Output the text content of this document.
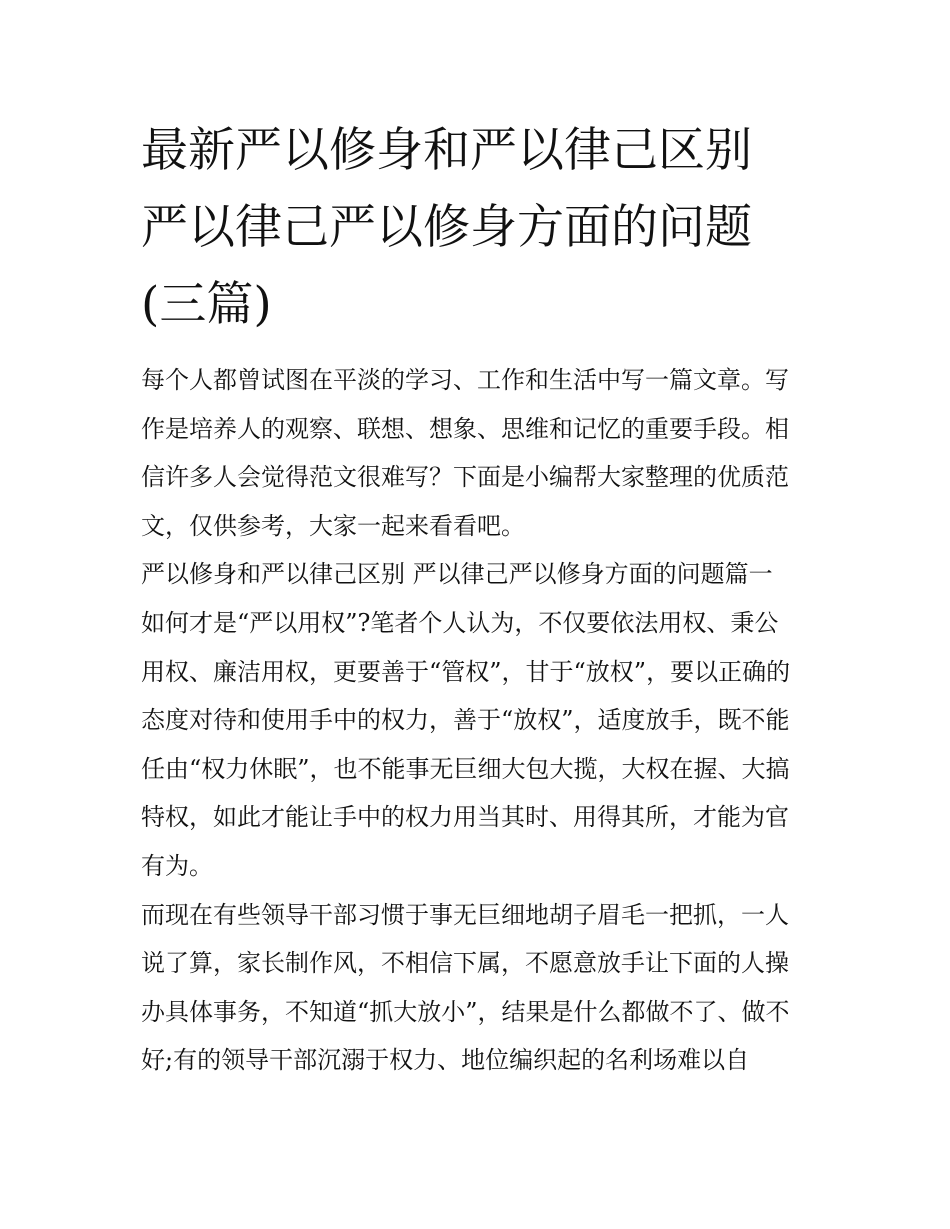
最新严以修身和严以律己区别
严以律己严以修身方面的问题
(三篇)
每个人都曾试图在平淡的学习、工作和生活中写一篇文章。写
作是培养人的观察、联想、想象、思维和记忆的重要手段。相
信许多人会觉得范文很难写？下面是小编帮大家整理的优质范
文，仅供参考，大家一起来看看吧。
严以修身和严以律己区别 严以律己严以修身方面的问题篇一
如何才是“严以用权”?笔者个人认为，不仅要依法用权、秉公
用权、廉洁用权，更要善于“管权”，甘于“放权”，要以正确的
态度对待和使用手中的权力，善于“放权”，适度放手，既不能
任由“权力休眠”，也不能事无巨细大包大揽，大权在握、大搞
特权，如此才能让手中的权力用当其时、用得其所，才能为官
有为。
而现在有些领导干部习惯于事无巨细地胡子眉毛一把抓，一人
说了算，家长制作风，不相信下属，不愿意放手让下面的人操
办具体事务，不知道“抓大放小”，结果是什么都做不了、做不
好;有的领导干部沉溺于权力、地位编织起的名利场难以自
